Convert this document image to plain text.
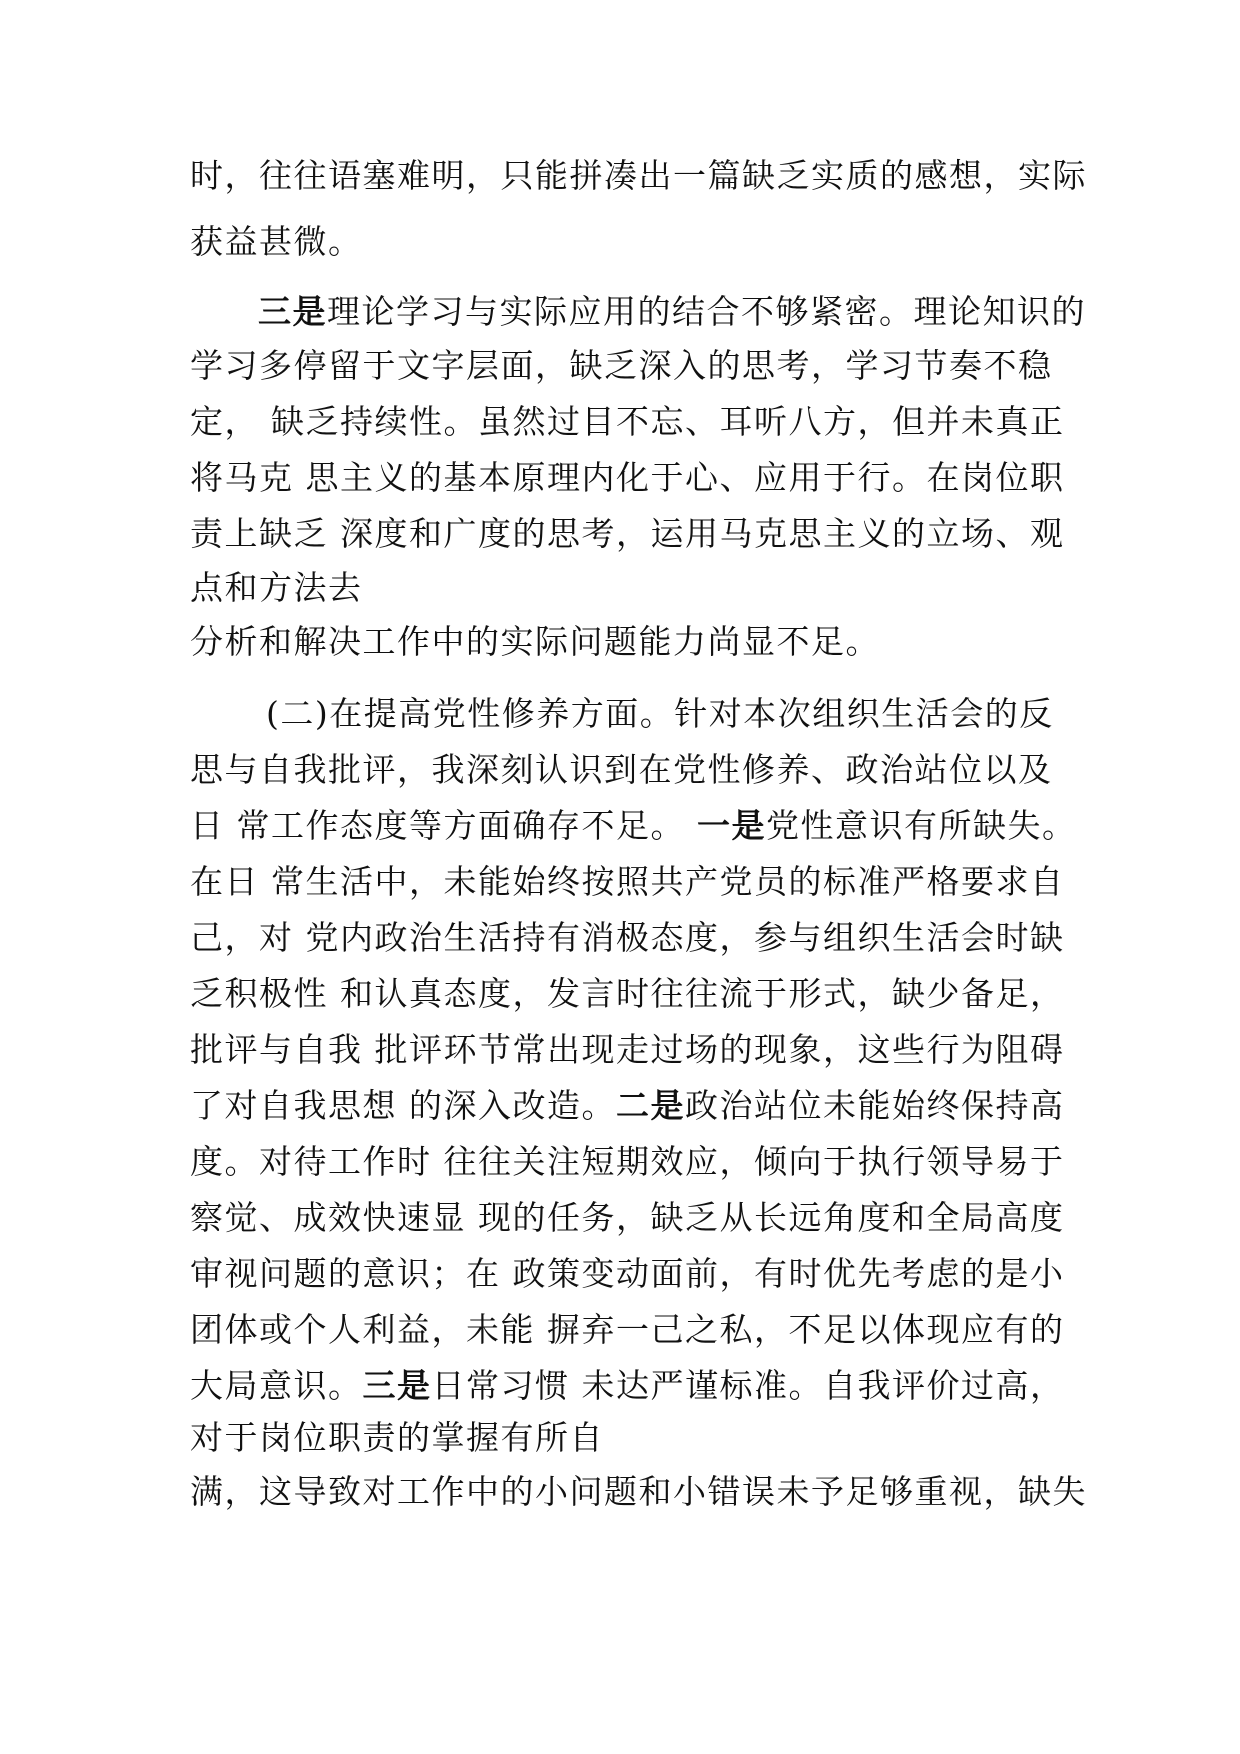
时，往往语塞难明，只能拼凑出一篇缺乏实质的感想，实际
获益甚微。
三是理论学习与实际应用的结合不够紧密。理论知识的
学习多停留于文字层面，缺乏深入的思考，学习节奏不稳
定， 缺乏持续性。虽然过目不忘、耳听八方，但并未真正
将马克 思主义的基本原理内化于心、应用于行。在岗位职
责上缺乏 深度和广度的思考，运用马克思主义的立场、观
点和方法去
分析和解决工作中的实际问题能力尚显不足。
(二)在提高党性修养方面。针对本次组织生活会的反
思与自我批评，我深刻认识到在党性修养、政治站位以及
日 常工作态度等方面确存不足。 一是党性意识有所缺失。
在日 常生活中，未能始终按照共产党员的标准严格要求自
己，对 党内政治生活持有消极态度，参与组织生活会时缺
乏积极性 和认真态度，发言时往往流于形式，缺少备足，
批评与自我 批评环节常出现走过场的现象，这些行为阻碍
了对自我思想 的深入改造。二是政治站位未能始终保持高
度。对待工作时 往往关注短期效应，倾向于执行领导易于
察觉、成效快速显 现的任务，缺乏从长远角度和全局高度
审视问题的意识；在 政策变动面前，有时优先考虑的是小
团体或个人利益，未能 摒弃一己之私，不足以体现应有的
大局意识。三是日常习惯 未达严谨标准。自我评价过高，
对于岗位职责的掌握有所自
满，这导致对工作中的小问题和小错误未予足够重视，缺失
